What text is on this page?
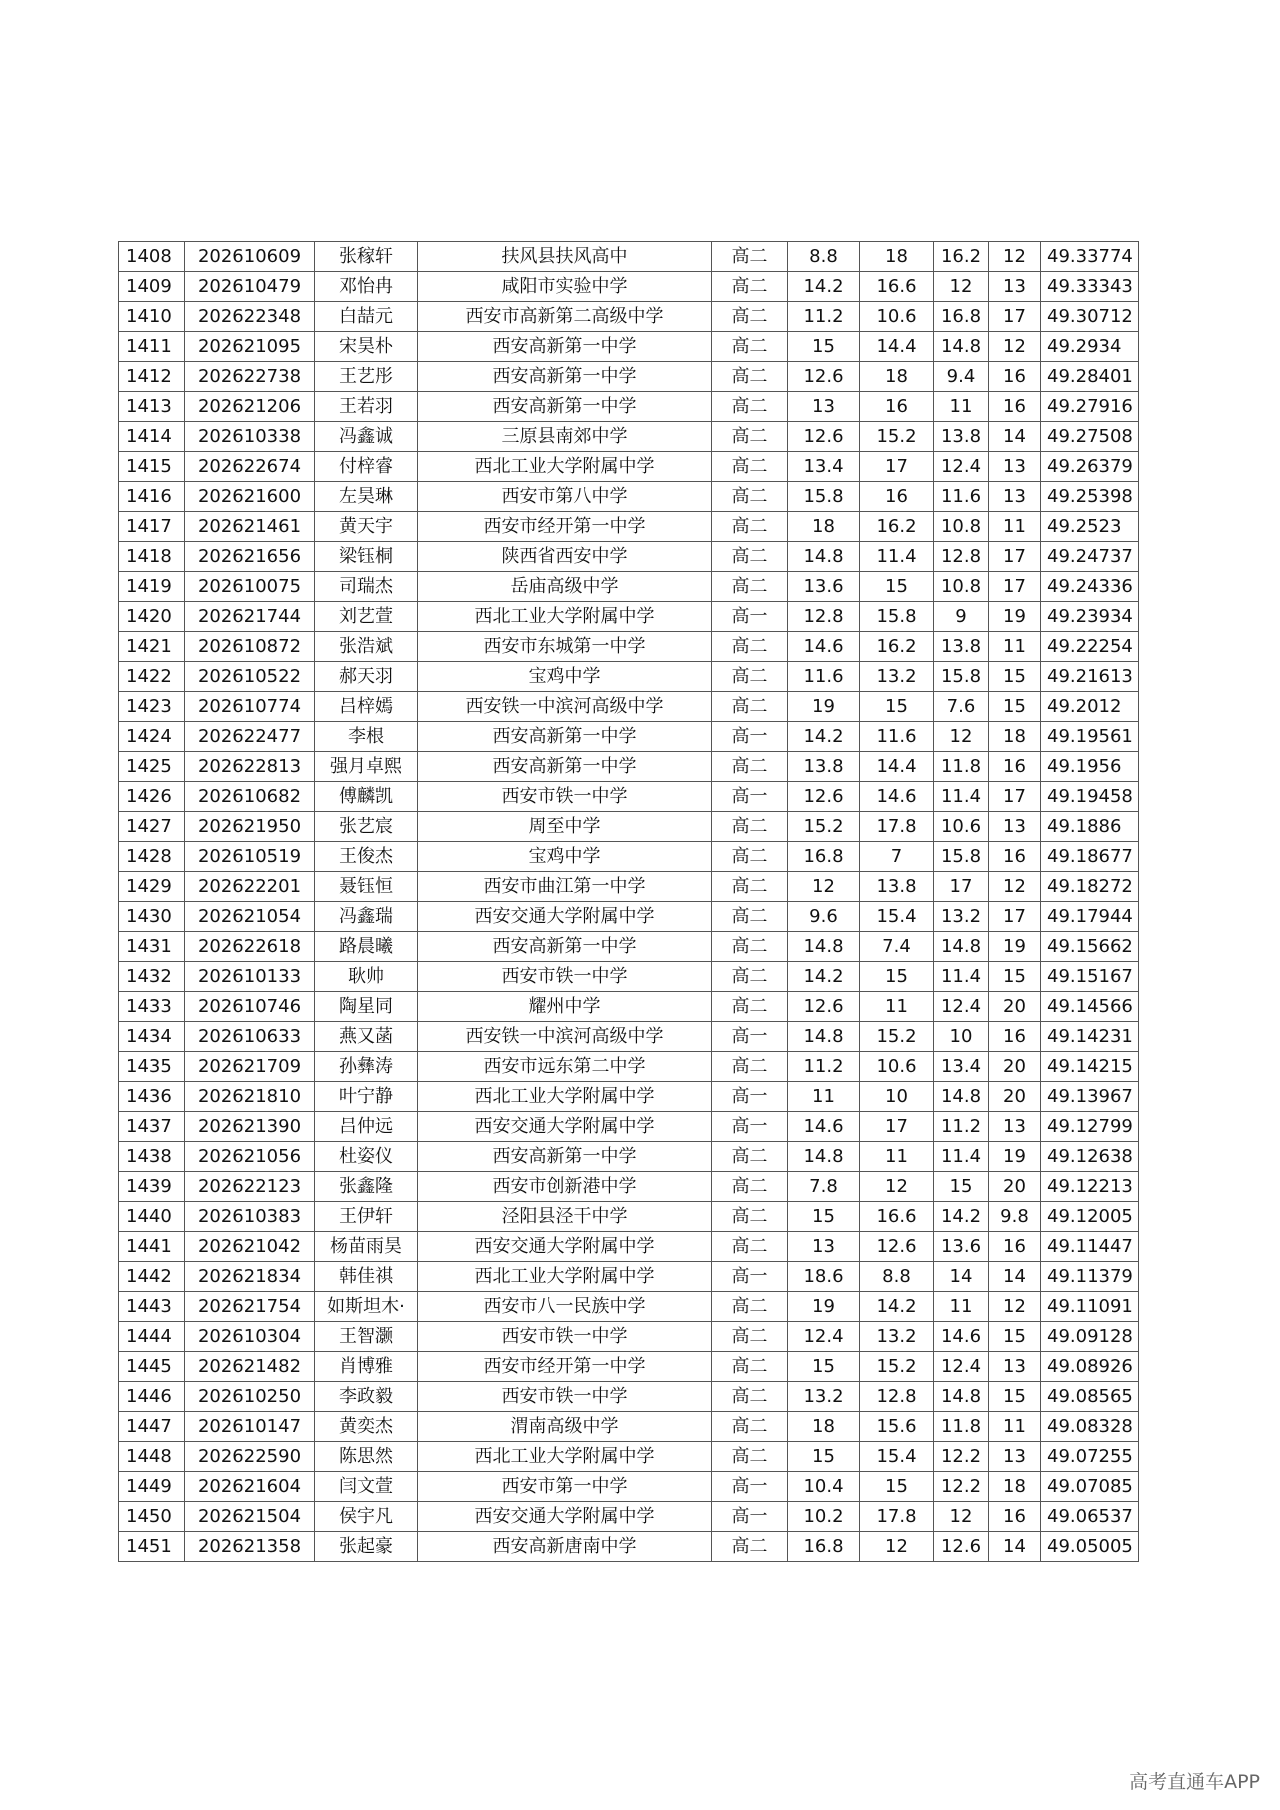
1408	202610609	张稼轩	扶风县扶风高中	高二	8.8	18	16.2	12	49.33774
1409	202610479	邓怡冉	咸阳市实验中学	高二	14.2	16.6	12	13	49.33343
1410	202622348	白喆元	西安市高新第二高级中学	高二	11.2	10.6	16.8	17	49.30712
1411	202621095	宋昊朴	西安高新第一中学	高二	15	14.4	14.8	12	49.2934
1412	202622738	王艺彤	西安高新第一中学	高二	12.6	18	9.4	16	49.28401
1413	202621206	王若羽	西安高新第一中学	高二	13	16	11	16	49.27916
1414	202610338	冯鑫诚	三原县南郊中学	高二	12.6	15.2	13.8	14	49.27508
1415	202622674	付梓睿	西北工业大学附属中学	高二	13.4	17	12.4	13	49.26379
1416	202621600	左昊琳	西安市第八中学	高二	15.8	16	11.6	13	49.25398
1417	202621461	黄天宇	西安市经开第一中学	高二	18	16.2	10.8	11	49.2523
1418	202621656	梁钰桐	陕西省西安中学	高二	14.8	11.4	12.8	17	49.24737
1419	202610075	司瑞杰	岳庙高级中学	高二	13.6	15	10.8	17	49.24336
1420	202621744	刘艺萱	西北工业大学附属中学	高一	12.8	15.8	9	19	49.23934
1421	202610872	张浩斌	西安市东城第一中学	高二	14.6	16.2	13.8	11	49.22254
1422	202610522	郝天羽	宝鸡中学	高二	11.6	13.2	15.8	15	49.21613
1423	202610774	吕梓嫣	西安铁一中滨河高级中学	高二	19	15	7.6	15	49.2012
1424	202622477	李根	西安高新第一中学	高一	14.2	11.6	12	18	49.19561
1425	202622813	强月卓熙	西安高新第一中学	高二	13.8	14.4	11.8	16	49.1956
1426	202610682	傅麟凯	西安市铁一中学	高一	12.6	14.6	11.4	17	49.19458
1427	202621950	张艺宸	周至中学	高二	15.2	17.8	10.6	13	49.1886
1428	202610519	王俊杰	宝鸡中学	高二	16.8	7	15.8	16	49.18677
1429	202622201	聂钰恒	西安市曲江第一中学	高二	12	13.8	17	12	49.18272
1430	202621054	冯鑫瑞	西安交通大学附属中学	高二	9.6	15.4	13.2	17	49.17944
1431	202622618	路晨曦	西安高新第一中学	高二	14.8	7.4	14.8	19	49.15662
1432	202610133	耿帅	西安市铁一中学	高二	14.2	15	11.4	15	49.15167
1433	202610746	陶星同	耀州中学	高二	12.6	11	12.4	20	49.14566
1434	202610633	燕又菡	西安铁一中滨河高级中学	高一	14.8	15.2	10	16	49.14231
1435	202621709	孙彝涛	西安市远东第二中学	高二	11.2	10.6	13.4	20	49.14215
1436	202621810	叶宁静	西北工业大学附属中学	高一	11	10	14.8	20	49.13967
1437	202621390	吕仲远	西安交通大学附属中学	高一	14.6	17	11.2	13	49.12799
1438	202621056	杜姿仪	西安高新第一中学	高二	14.8	11	11.4	19	49.12638
1439	202622123	张鑫隆	西安市创新港中学	高二	7.8	12	15	20	49.12213
1440	202610383	王伊轩	泾阳县泾干中学	高二	15	16.6	14.2	9.8	49.12005
1441	202621042	杨苗雨昊	西安交通大学附属中学	高二	13	12.6	13.6	16	49.11447
1442	202621834	韩佳祺	西北工业大学附属中学	高一	18.6	8.8	14	14	49.11379
1443	202621754	如斯坦木·	西安市八一民族中学	高二	19	14.2	11	12	49.11091
1444	202610304	王智灏	西安市铁一中学	高二	12.4	13.2	14.6	15	49.09128
1445	202621482	肖博雅	西安市经开第一中学	高二	15	15.2	12.4	13	49.08926
1446	202610250	李政毅	西安市铁一中学	高二	13.2	12.8	14.8	15	49.08565
1447	202610147	黄奕杰	渭南高级中学	高二	18	15.6	11.8	11	49.08328
1448	202622590	陈思然	西北工业大学附属中学	高二	15	15.4	12.2	13	49.07255
1449	202621604	闫文萱	西安市第一中学	高一	10.4	15	12.2	18	49.07085
1450	202621504	侯宇凡	西安交通大学附属中学	高一	10.2	17.8	12	16	49.06537
1451	202621358	张起豪	西安高新唐南中学	高二	16.8	12	12.6	14	49.05005
高考直通车APP
